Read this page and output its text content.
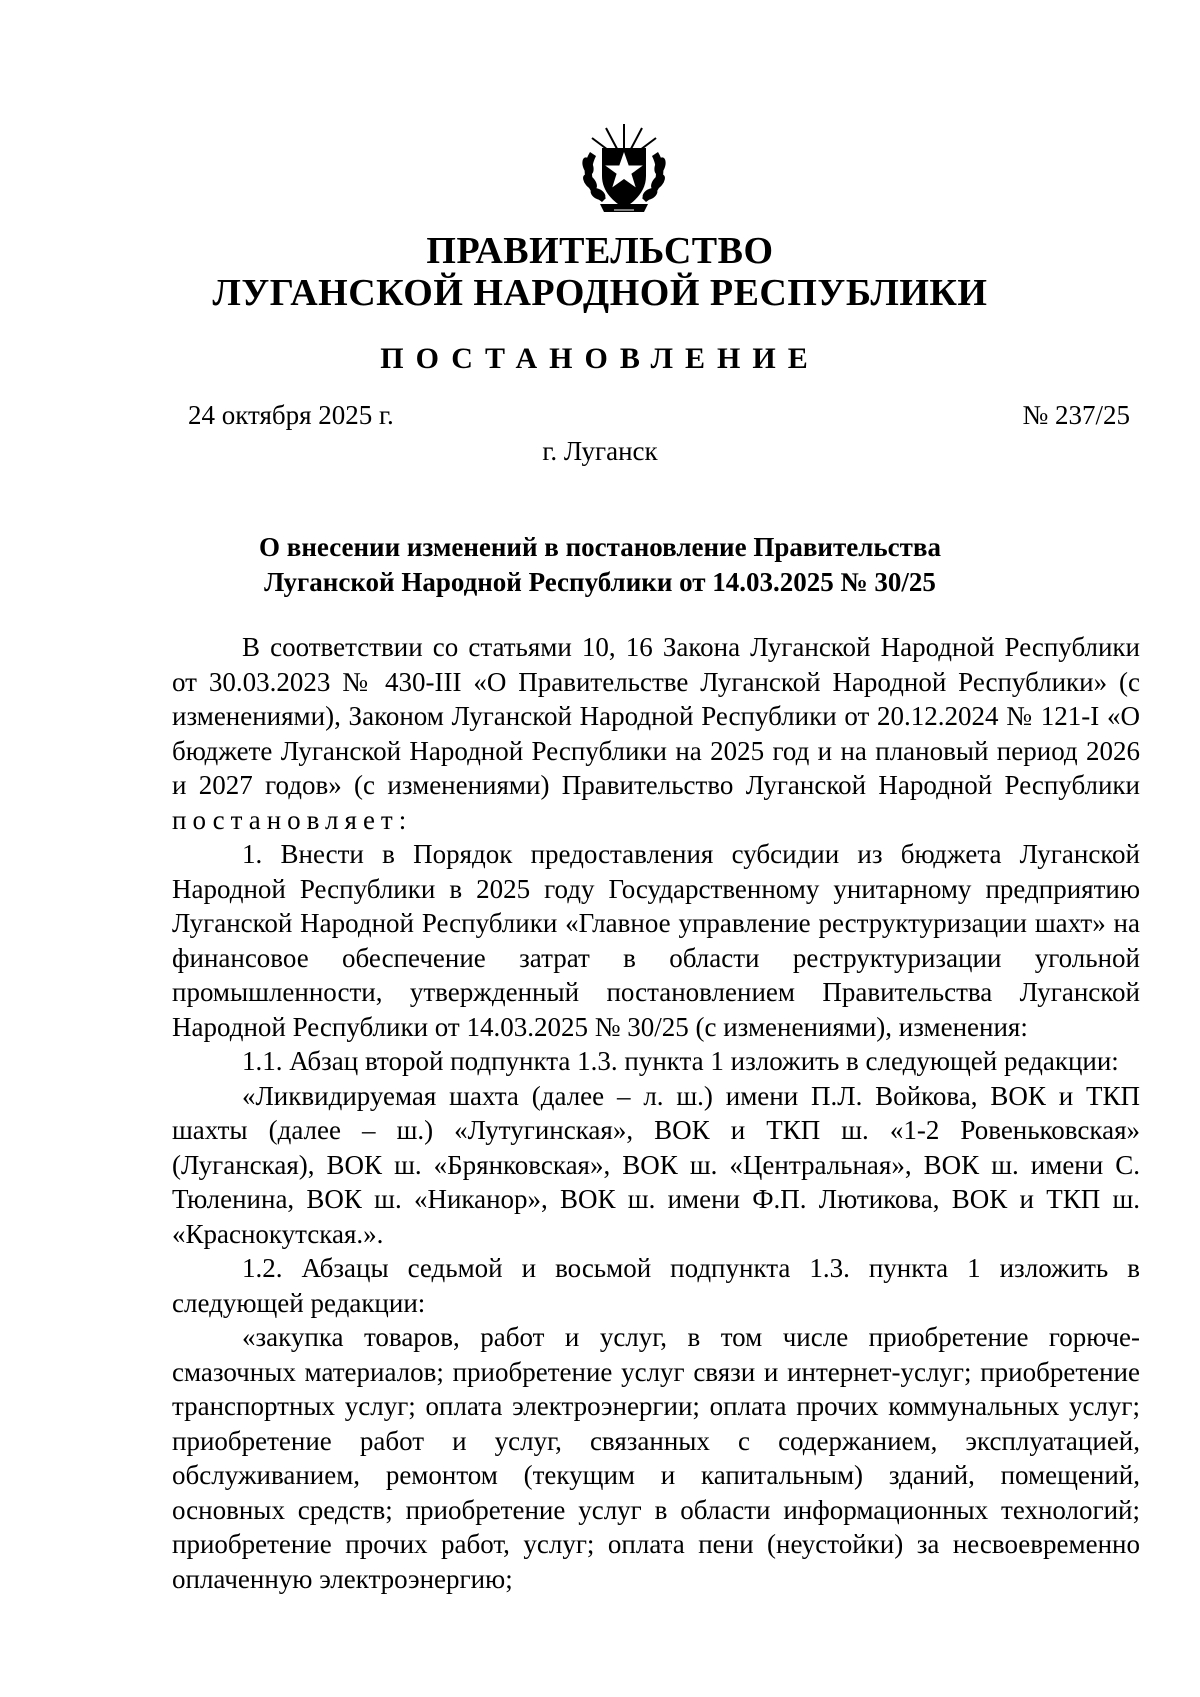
ПРАВИТЕЛЬСТВО
ЛУГАНСКОЙ НАРОДНОЙ РЕСПУБЛИКИ
ПОСТАНОВЛЕНИЕ
24 октября 2025 г.	№ 237/25
г. Луганск
О внесении изменений в постановление Правительства
Луганской Народной Республики от 14.03.2025 № 30/25

В соответствии со статьями 10, 16 Закона Луганской Народной Республики от 30.03.2023 № 430-III «О Правительстве Луганской Народной Республики» (с изменениями), Законом Луганской Народной Республики от 20.12.2024 № 121-I «О бюджете Луганской Народной Республики на 2025 год и на плановый период 2026 и 2027 годов» (с изменениями) Правительство Луганской Народной Республики постановляет:

1. Внести в Порядок предоставления субсидии из бюджета Луганской Народной Республики в 2025 году Государственному унитарному предприятию Луганской Народной Республики «Главное управление реструктуризации шахт» на финансовое обеспечение затрат в области реструктуризации угольной промышленности, утвержденный постановлением Правительства Луганской Народной Республики от 14.03.2025 № 30/25 (с изменениями), изменения:

1.1. Абзац второй подпункта 1.3. пункта 1 изложить в следующей редакции:

«Ликвидируемая шахта (далее – л. ш.) имени П.Л. Войкова, ВОК и ТКП шахты (далее – ш.) «Лутугинская», ВОК и ТКП ш. «1-2 Ровеньковская» (Луганская), ВОК ш. «Брянковская», ВОК ш. «Центральная», ВОК ш. имени С. Тюленина, ВОК ш. «Никанор», ВОК ш. имени Ф.П. Лютикова, ВОК и ТКП ш. «Краснокутская.».

1.2. Абзацы седьмой и восьмой подпункта 1.3. пункта 1 изложить в следующей редакции:

«закупка товаров, работ и услуг, в том числе приобретение горюче-смазочных материалов; приобретение услуг связи и интернет-услуг; приобретение транспортных услуг; оплата электроэнергии; оплата прочих коммунальных услуг; приобретение работ и услуг, связанных с содержанием, эксплуатацией, обслуживанием, ремонтом (текущим и капитальным) зданий, помещений, основных средств; приобретение услуг в области информационных технологий; приобретение прочих работ, услуг; оплата пени (неустойки) за несвоевременно оплаченную электроэнергию;
